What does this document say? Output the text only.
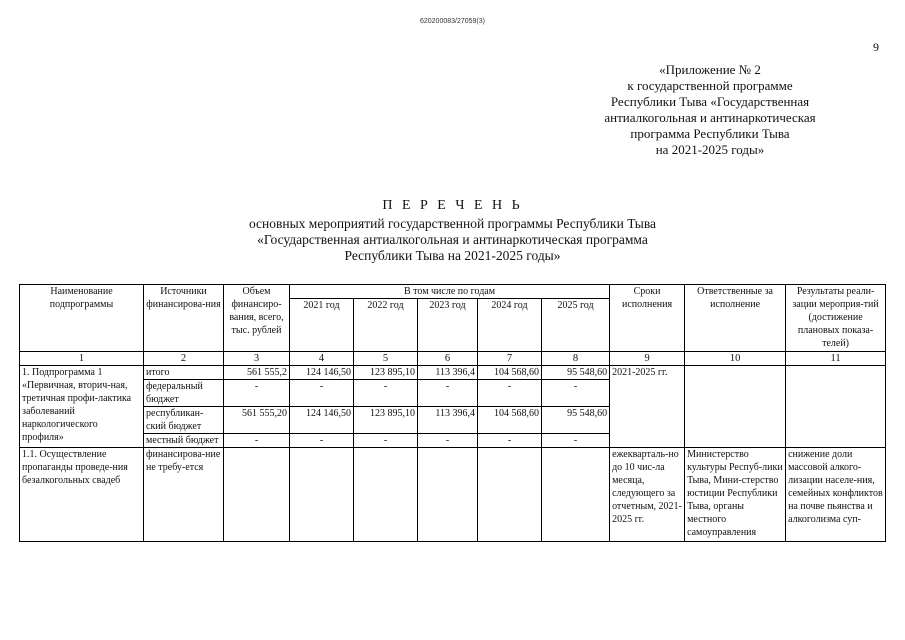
620200083/27059(3)
9
«Приложение № 2
к государственной программе
Республики Тыва «Государственная
антиалкогольная и антинаркотическая
программа Республики Тыва
на 2021-2025 годы»
П Е Р Е Ч Е Н Ь
основных мероприятий государственной программы Республики Тыва
«Государственная антиалкогольная и антинаркотическая программа
Республики Тыва на 2021-2025 годы»
Наименование подпрограммы	Источники финансирова-ния	Объем финансиро-вания, всего, тыс. рублей	В том числе по годам					Сроки исполнения	Ответственные за исполнение	Результаты реали-зации мероприя-тий (достижение плановых показа-телей)
			2021 год	2022 год	2023 год	2024 год	2025 год			
1	2	3	4	5	6	7	8	9	10	11
1. Подпрограмма 1 «Первичная, вторич-ная, третичная профи-лактика заболеваний наркологического профиля»	итого	561 555,2	124 146,50	123 895,10	113 396,4	104 568,60	95 548,60	2021-2025 гг.		
	федеральный бюджет	-	-	-	-	-	-			
	республикан-ский бюджет	561 555,20	124 146,50	123 895,10	113 396,4	104 568,60	95 548,60			
	местный бюджет	-	-	-	-	-	-			
1.1. Осуществление пропаганды проведе-ния безалкогольных свадеб	финансирова-ние не требу-ется							ежекварталь-но до 10 чис-ла месяца, следующего за отчетным, 2021-2025 гг.	Министерство культуры Респуб-лики Тыва, Мини-стерство юстиции Республики Тыва, органы местного самоуправления	снижение доли массовой алкого-лизации населе-ния, семейных конфликтов на почве пьянства и алкоголизма суп-
